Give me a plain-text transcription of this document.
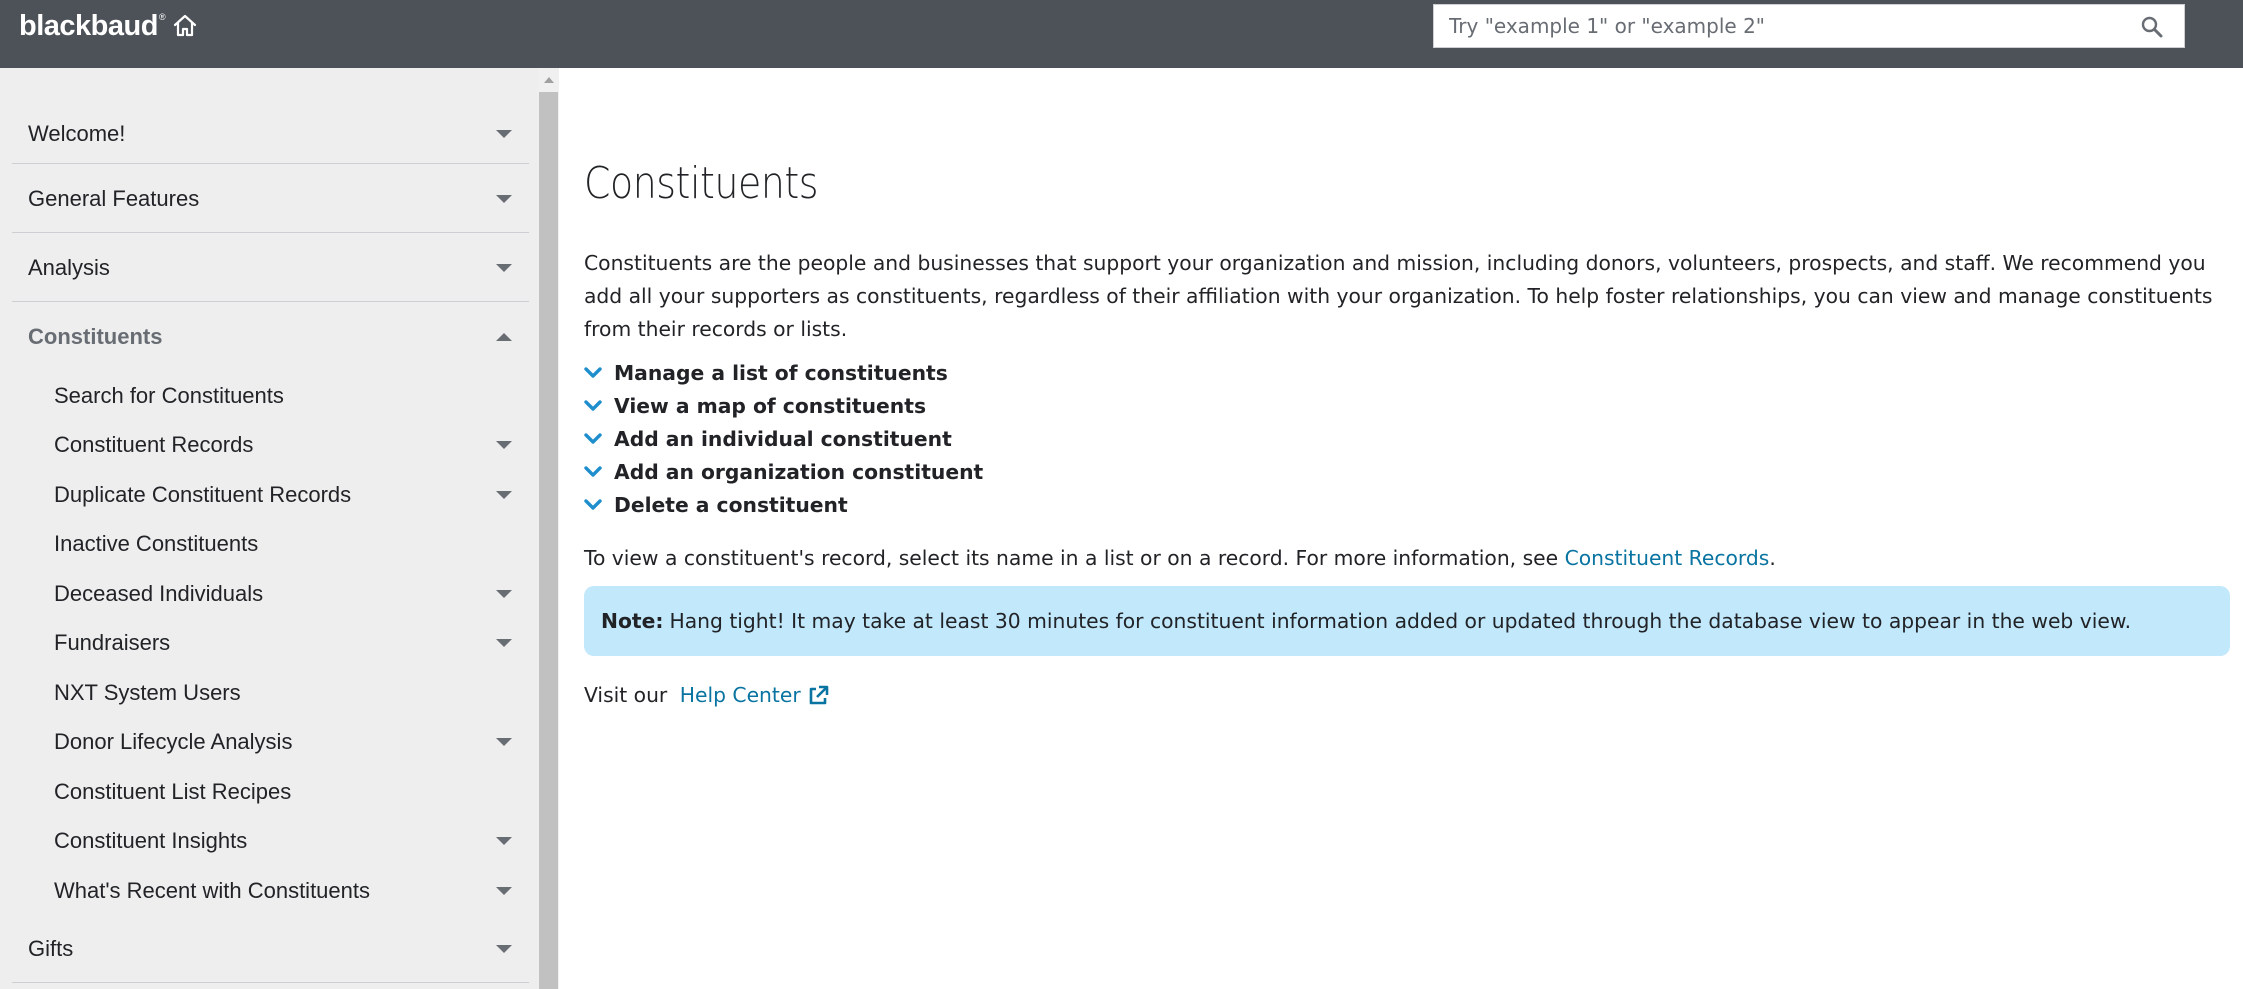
blackbaud ®
Try "example 1" or "example 2"
Welcome!
General Features
Analysis
Constituents
Search for Constituents
Constituent Records
Duplicate Constituent Records
Inactive Constituents
Deceased Individuals
Fundraisers
NXT System Users
Donor Lifecycle Analysis
Constituent List Recipes
Constituent Insights
What's Recent with Constituents
Gifts
Constituents

Constituents are the people and businesses that support your organization and mission, including donors, volunteers, prospects, and staff. We recommend you add all your supporters as constituents, regardless of their affiliation with your organization. To help foster relationships, you can view and manage constituents from their records or lists.

Manage a list of constituents
View a map of constituents
Add an individual constituent
Add an organization constituent
Delete a constituent

To view a constituent's record, select its name in a list or on a record. For more information, see Constituent Records.

Note: Hang tight! It may take at least 30 minutes for constituent information added or updated through the database view to appear in the web view.
Visit our Help Center
